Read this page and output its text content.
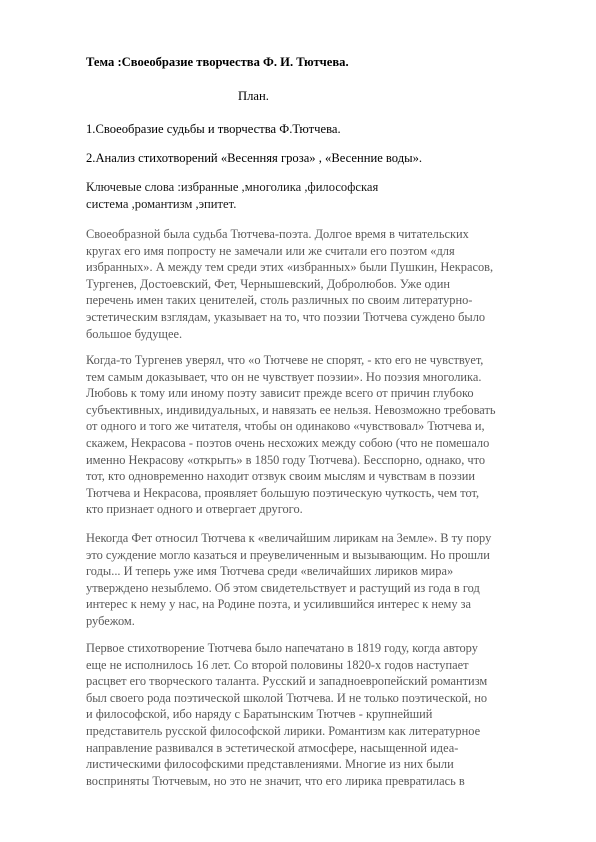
Тема :Своеобразие творчества Ф. И. Тютчева.
План.
1.Своеобразие судьбы и творчества Ф.Тютчева.
2.Анализ стихотворений «Весенняя гроза» , «Весенние воды».
Ключевые слова :избранные ,многолика ,философская
система ,романтизм ,эпитет.
Своеобразной была судьба Тютчева-поэта. Долгое время в читательских
кругах его имя попросту не замечали или же считали его поэтом «для
избранных». А между тем среди этих «избранных» были Пушкин, Некрасов,
Тургенев, Достоевский, Фет, Чернышевский, Добролюбов. Уже один
перечень имен таких ценителей, столь различных по своим литературно-
эстетическим взглядам, указывает на то, что поэзии Тютчева суждено было
большое будущее.
Когда-то Тургенев уверял, что «о Тютчеве не спорят, - кто его не чувствует,
тем самым доказывает, что он не чувствует поэзии». Но поэзия многолика.
Любовь к тому или иному поэту зависит прежде всего от причин глубоко
субъективных, индивидуальных, и навязать ее нельзя. Невозможно требовать
от одного и того же читателя, чтобы он одинаково «чувствовал» Тютчева и,
скажем, Некрасова - поэтов очень несхожих между собою (что не помешало
именно Некрасову «открыть» в 1850 году Тютчева). Бесспорно, однако, что
тот, кто одновременно находит отзвук своим мыслям и чувствам в поэзии
Тютчева и Некрасова, проявляет большую поэтическую чуткость, чем тот,
кто признает одного и отвергает другого.
Некогда Фет относил Тютчева к «величайшим лирикам на Земле». В ту пору
это суждение могло казаться и преувеличенным и вызывающим. Но прошли
годы... И теперь уже имя Тютчева среди «величайших лириков мира»
утверждено незыблемо. Об этом свидетельствует и растущий из года в год
интерес к нему у нас, на Родине поэта, и усилившийся интерес к нему за
рубежом.
Первое стихотворение Тютчева было напечатано в 1819 году, когда автору
еще не исполнилось 16 лет. Со второй половины 1820-х годов наступает
расцвет его творческого таланта. Русский и западноевропейский романтизм
был своего рода поэтической школой Тютчева. И не только поэтической, но
и философской, ибо наряду с Баратынским Тютчев - крупнейший
представитель русской философской лирики. Романтизм как литературное
направление развивался в эстетической атмосфере, насыщенной идеа-
листическими философскими представлениями. Многие из них были
восприняты Тютчевым, но это не значит, что его лирика превратилась в
